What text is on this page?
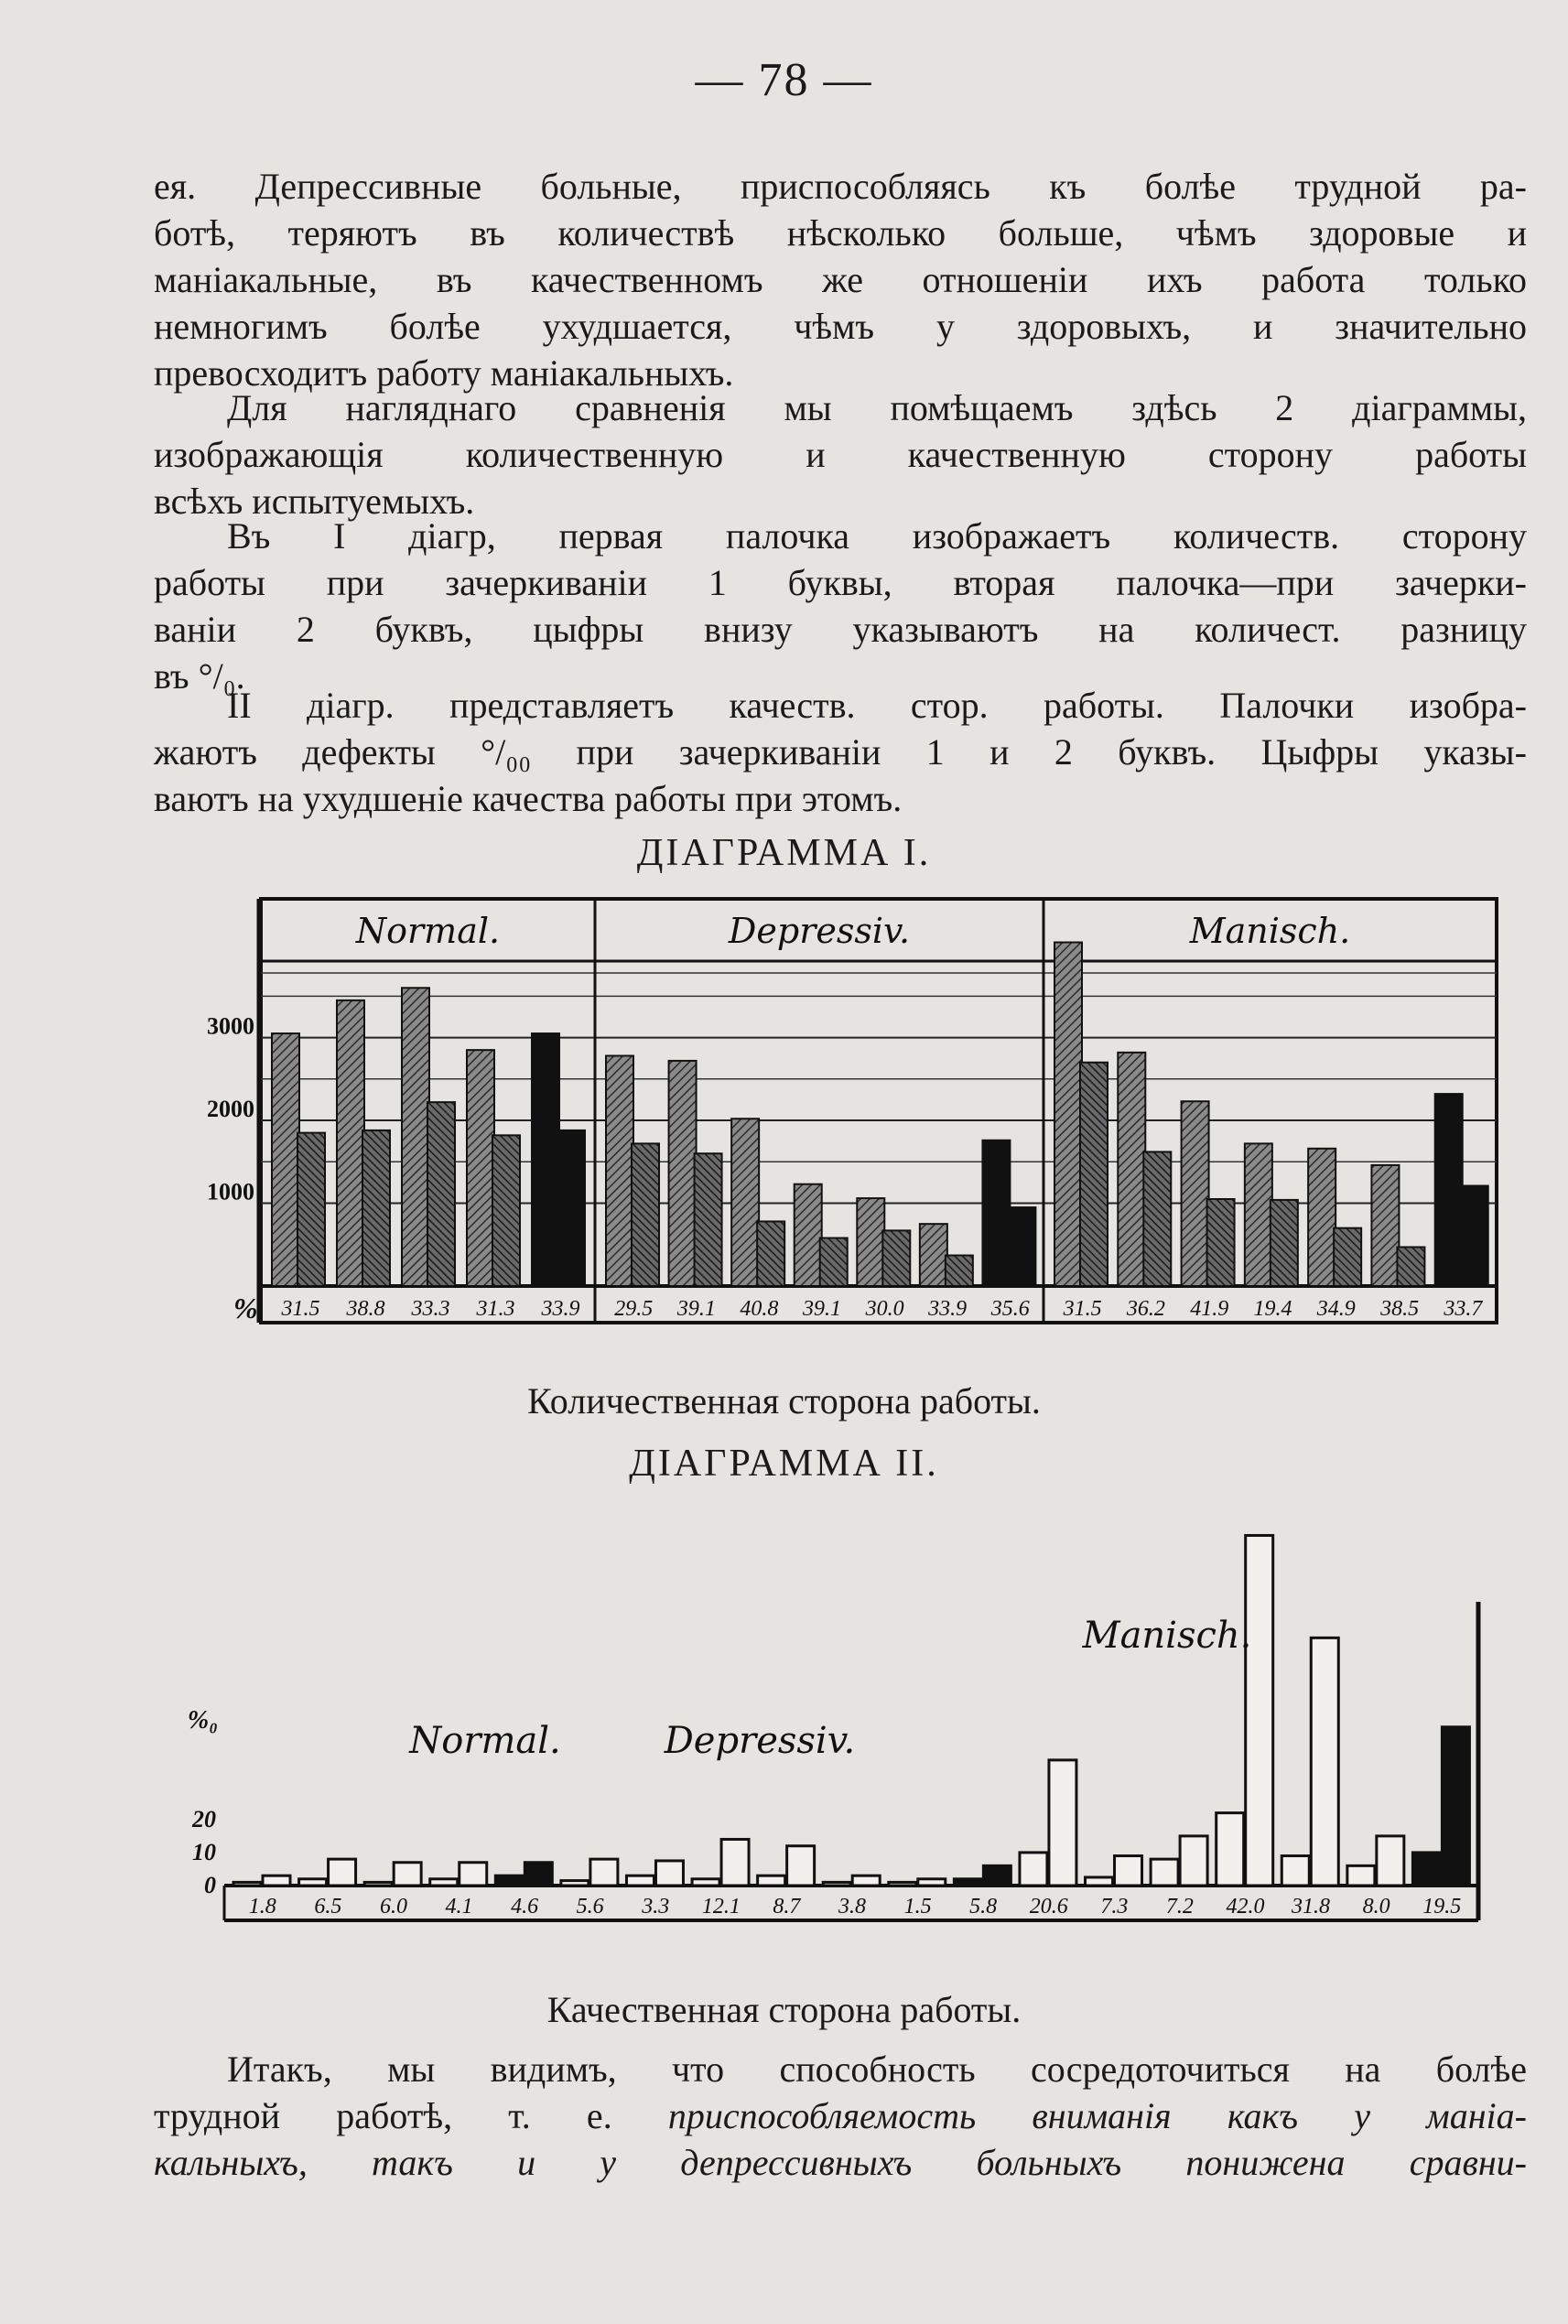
— 78 —
ея. Депрессивные больные, приспособляясь къ болѣе трудной ра-
ботѣ, теряютъ въ количествѣ нѣсколько больше, чѣмъ здоровые и
маніакальные, въ качественномъ же отношеніи ихъ работа только
немногимъ болѣе ухудшается, чѣмъ у здоровыхъ, и значительно
превосходитъ работу маніакальныхъ.
Для нагляднаго сравненія мы помѣщаемъ здѣсь 2 діаграммы,
изображающія количественную и качественную сторону работы
всѣхъ испытуемыхъ.
Въ I діагр, первая палочка изображаетъ количеств. сторону
работы при зачеркиваніи 1 буквы, вторая палочка—при зачерки-
ваніи 2 буквъ, цыфры внизу указываютъ на количест. разницу
въ °/₀.
II діагр. представляетъ качеств. стор. работы. Палочки изобра-
жаютъ дефекты °/₀₀ при зачеркиваніи 1 и 2 буквъ. Цыфры указы-
ваютъ на ухудшеніе качества работы при этомъ.
ДІАГРАММА I.
1000
2000
3000
%
Normal.
31.5 38.8 33.3 31.3 33.9
Depressiv.
29.5 39.1 40.8 39.1 30.0 33.9 35.6
Manisch.
31.5 36.2 41.9 19.4 34.9 38.5 33.7
Количественная сторона работы.
ДІАГРАММА II.
%₀
0
10
20
1.8 6.5 6.0 4.1 4.6 5.6 3.3 12.1 8.7 3.8 1.5 5.8 20.6 7.3 7.2 42.0 31.8 8.0 19.5
Normal.	Depressiv.
Manisch.
Качественная сторона работы.
Итакъ, мы видимъ, что способность сосредоточиться на болѣе
трудной работѣ, т. е. приспособляемость вниманія какъ у маніа-
кальныхъ, такъ и у депрессивныхъ больныхъ понижена сравни-
